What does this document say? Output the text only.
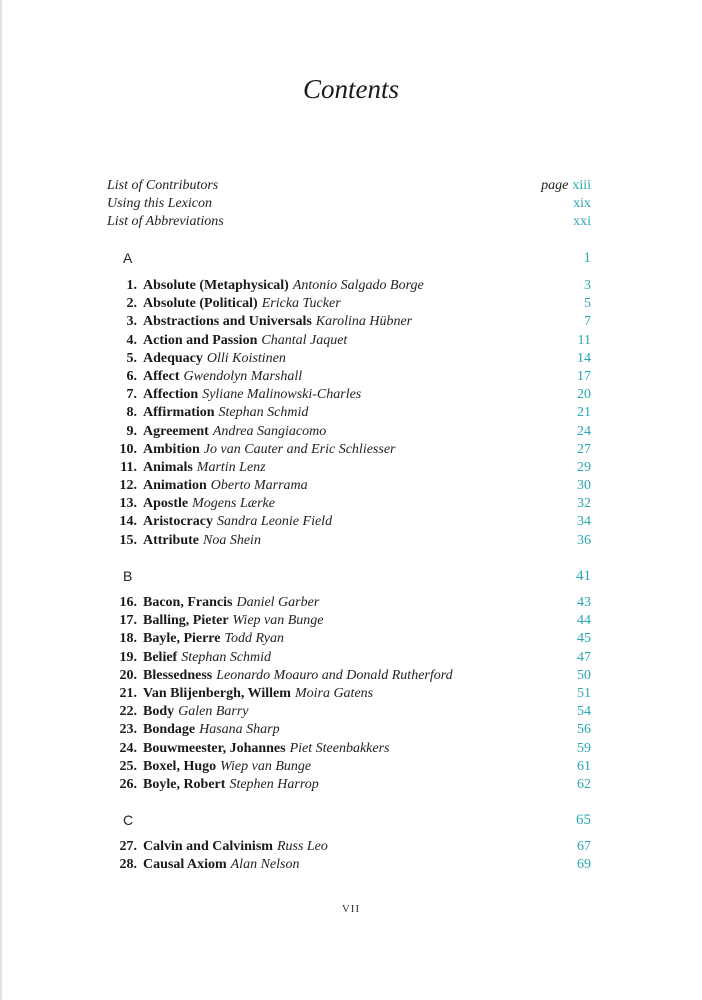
Contents
List of Contributors	page xiii
Using this Lexicon	xix
List of Abbreviations	xxi
A	1
1. Absolute (Metaphysical) Antonio Salgado Borge	3
2. Absolute (Political) Ericka Tucker	5
3. Abstractions and Universals Karolina Hübner	7
4. Action and Passion Chantal Jaquet	11
5. Adequacy Olli Koistinen	14
6. Affect Gwendolyn Marshall	17
7. Affection Syliane Malinowski-Charles	20
8. Affirmation Stephan Schmid	21
9. Agreement Andrea Sangiacomo	24
10. Ambition Jo van Cauter and Eric Schliesser	27
11. Animals Martin Lenz	29
12. Animation Oberto Marrama	30
13. Apostle Mogens Lærke	32
14. Aristocracy Sandra Leonie Field	34
15. Attribute Noa Shein	36
B	41
16. Bacon, Francis Daniel Garber	43
17. Balling, Pieter Wiep van Bunge	44
18. Bayle, Pierre Todd Ryan	45
19. Belief Stephan Schmid	47
20. Blessedness Leonardo Moauro and Donald Rutherford	50
21. Van Blijenbergh, Willem Moira Gatens	51
22. Body Galen Barry	54
23. Bondage Hasana Sharp	56
24. Bouwmeester, Johannes Piet Steenbakkers	59
25. Boxel, Hugo Wiep van Bunge	61
26. Boyle, Robert Stephen Harrop	62
C	65
27. Calvin and Calvinism Russ Leo	67
28. Causal Axiom Alan Nelson	69
VII
